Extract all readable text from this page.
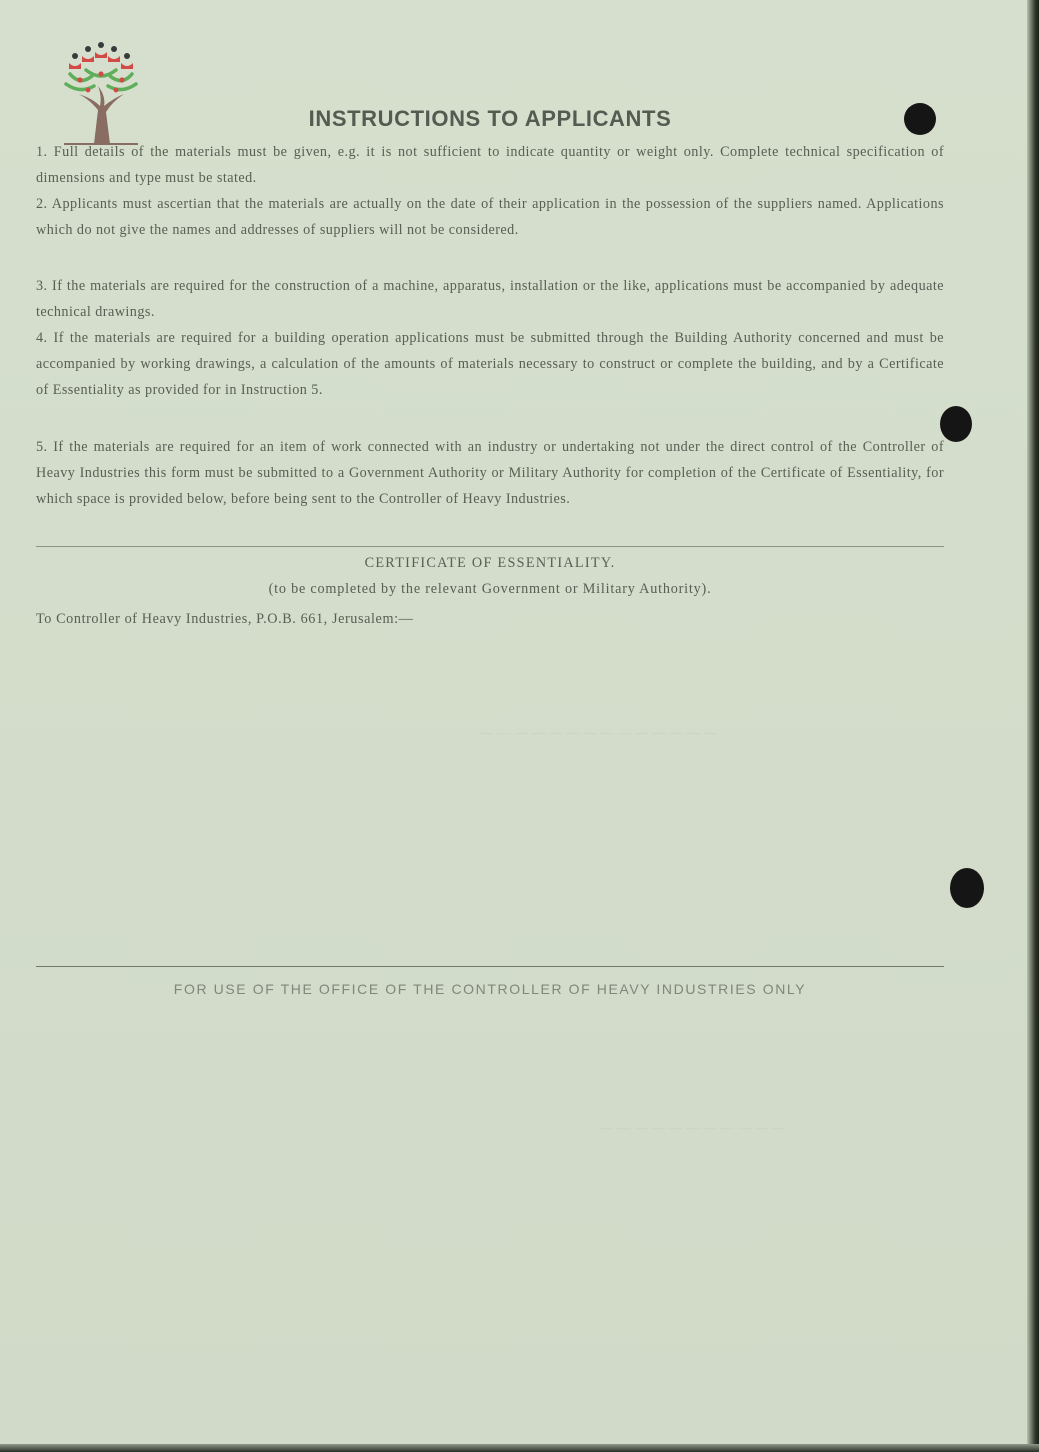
— — — — — — — — — — — — — —
— — — — — — — — — — —
INSTRUCTIONS TO APPLICANTS
1. Full details of the materials must be given, e.g. it is not sufficient to indicate quantity or weight only. Complete technical specification of dimensions and type must be stated.
2. Applicants must ascertian that the materials are actually on the date of their application in the possession of the suppliers named. Applications which do not give the names and addresses of suppliers will not be considered.
3. If the materials are required for the construction of a machine, apparatus, installation or the like, applications must be accompanied by adequate technical drawings.
4. If the materials are required for a building operation applications must be submitted through the Building Authority concerned and must be accompanied by working drawings, a calculation of the amounts of materials necessary to construct or complete the building, and by a Certificate of Essentiality as provided for in Instruction 5.
5. If the materials are required for an item of work connected with an industry or undertaking not under the direct control of the Controller of Heavy Industries this form must be submitted to a Government Authority or Military Authority for completion of the Certificate of Essentiality, for which space is provided below, before being sent to the Controller of Heavy Industries.
CERTIFICATE OF ESSENTIALITY.
(to be completed by the relevant Government or Military Authority).
To Controller of Heavy Industries, P.O.B. 661, Jerusalem:—
FOR USE OF THE OFFICE OF THE CONTROLLER OF HEAVY INDUSTRIES ONLY
